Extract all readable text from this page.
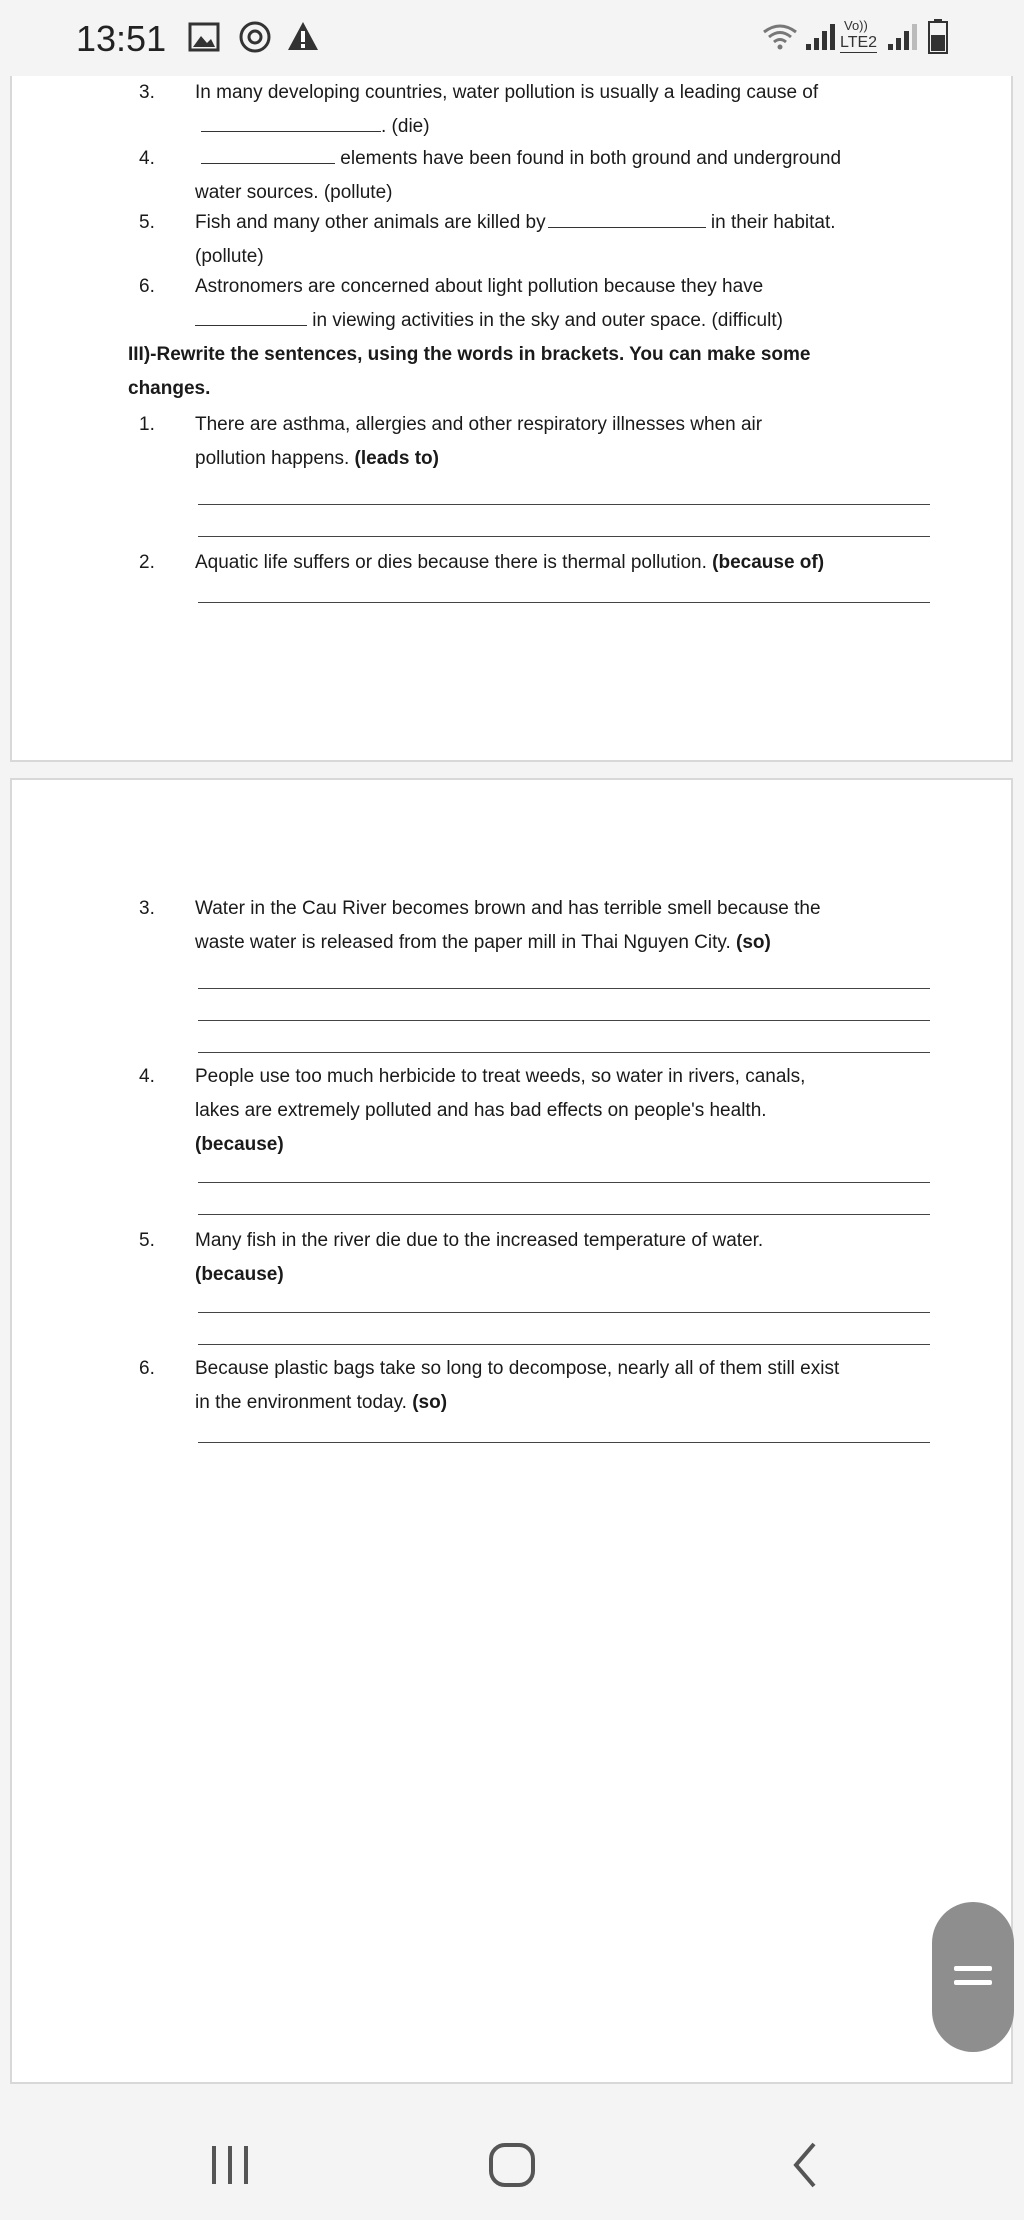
13:51	Vo))
LTE2
3.	In many developing countries, water pollution is usually a leading cause of
. (die)
4.	elements have been found in both ground and underground
water sources. (pollute)
5.	Fish and many other animals are killed by	in their habitat.
(pollute)
6.	Astronomers are concerned about light pollution because they have
in viewing activities in the sky and outer space. (difficult)
III)-Rewrite the sentences, using the words in brackets. You can make some changes.
1.	There are asthma, allergies and other respiratory illnesses when air
pollution happens. (leads to)
2.	Aquatic life suffers or dies because there is thermal pollution. (because of)
3.	Water in the Cau River becomes brown and has terrible smell because the
waste water is released from the paper mill in Thai Nguyen City. (so)
4.	People use too much herbicide to treat weeds, so water in rivers, canals,
lakes are extremely polluted and has bad effects on people's health.
(because)
5.	Many fish in the river die due to the increased temperature of water.
(because)
6.	Because plastic bags take so long to decompose, nearly all of them still exist
in the environment today. (so)
